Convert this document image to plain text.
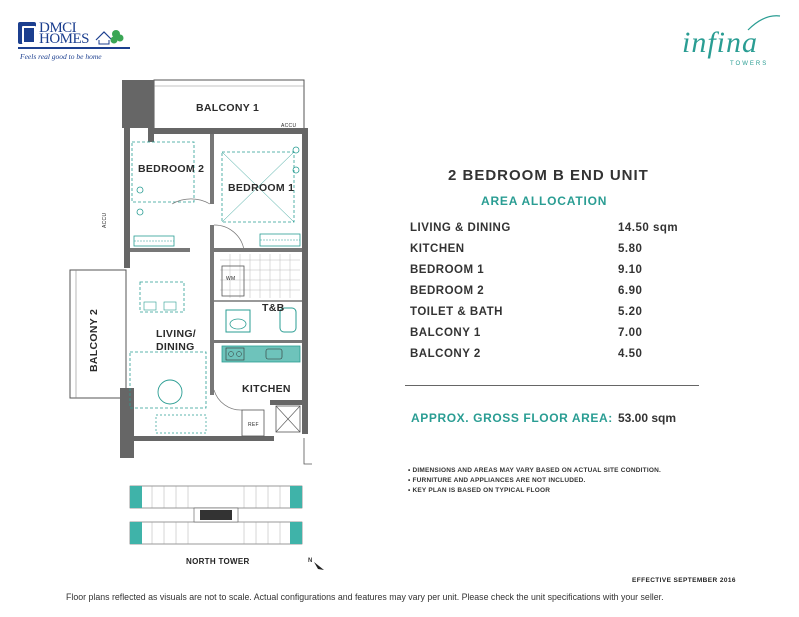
DMCI HOMES
Feels real good to be home	infina
TOWERS
BALCONY 1
BEDROOM 2
BEDROOM 1
BALCONY 2	LIVING/
DINING
T&B
KITCHEN
ACCU
ACCU
WM
REF
NORTH TOWER	N
2 BEDROOM B END UNIT
AREA ALLOCATION
LIVING & DINING	14.50 sqm
KITCHEN	5.80
BEDROOM 1	9.10
BEDROOM 2	6.90
TOILET & BATH	5.20
BALCONY 1	7.00
BALCONY 2	4.50
APPROX. GROSS FLOOR AREA: 53.00 sqm
• DIMENSIONS AND AREAS MAY VARY BASED ON ACTUAL SITE CONDITION.
• FURNITURE AND APPLIANCES ARE NOT INCLUDED.
• KEY PLAN IS BASED ON TYPICAL FLOOR
EFFECTIVE SEPTEMBER 2016
Floor plans reflected as visuals are not to scale. Actual configurations and features may vary per unit. Please check the unit specifications with your seller.
